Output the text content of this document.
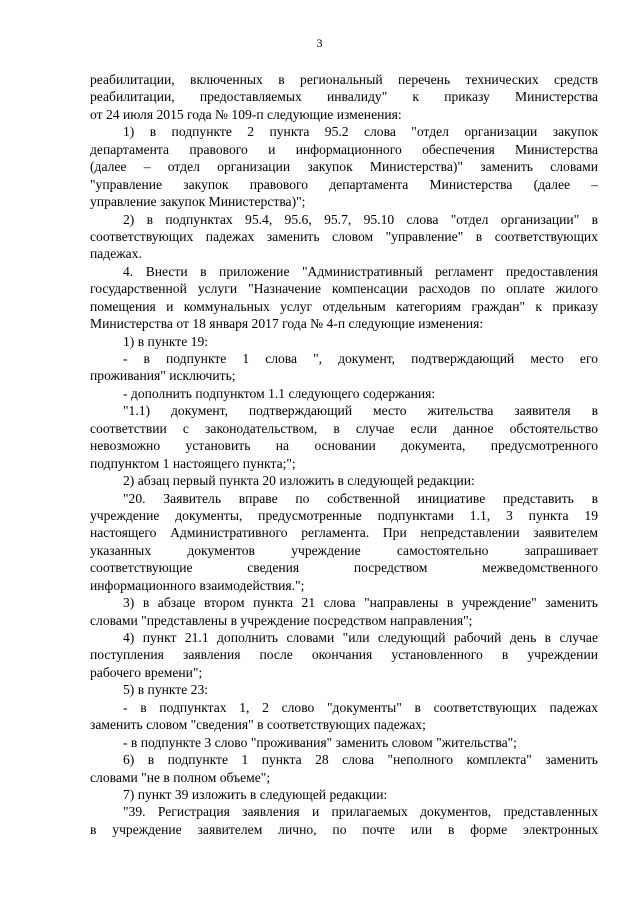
3
реабилитации, включенных в региональный перечень технических средств
реабилитации, предоставляемых инвалиду" к приказу Министерства
от 24 июля 2015 года № 109-п следующие изменения:
1) в подпункте 2 пункта 95.2 слова "отдел организации закупок
департамента правового и информационного обеспечения Министерства
(далее – отдел организации закупок Министерства)" заменить словами
"управление закупок правового департамента Министерства (далее –
управление закупок Министерства)";
2) в подпунктах 95.4, 95.6, 95.7, 95.10 слова "отдел организации" в
соответствующих падежах заменить словом "управление" в соответствующих
падежах.
4. Внести в приложение "Административный регламент предоставления
государственной услуги "Назначение компенсации расходов по оплате жилого
помещения и коммунальных услуг отдельным категориям граждан" к приказу
Министерства от 18 января 2017 года № 4-п следующие изменения:
1) в пункте 19:
- в подпункте 1 слова ", документ, подтверждающий место его
проживания" исключить;
- дополнить подпунктом 1.1 следующего содержания:
"1.1) документ, подтверждающий место жительства заявителя в
соответствии с законодательством, в случае если данное обстоятельство
невозможно установить на основании документа, предусмотренного
подпунктом 1 настоящего пункта;";
2) абзац первый пункта 20 изложить в следующей редакции:
"20. Заявитель вправе по собственной инициативе представить в
учреждение документы, предусмотренные подпунктами 1.1, 3 пункта 19
настоящего Административного регламента. При непредставлении заявителем
указанных документов учреждение самостоятельно запрашивает
соответствующие сведения посредством межведомственного
информационного взаимодействия.";
3) в абзаце втором пункта 21 слова "направлены в учреждение" заменить
словами "представлены в учреждение посредством направления";
4) пункт 21.1 дополнить словами "или следующий рабочий день в случае
поступления заявления после окончания установленного в учреждении
рабочего времени";
5) в пункте 23:
- в подпунктах 1, 2 слово "документы" в соответствующих падежах
заменить словом "сведения" в соответствующих падежах;
- в подпункте 3 слово "проживания" заменить словом "жительства";
6) в подпункте 1 пункта 28 слова "неполного комплекта" заменить
словами "не в полном объеме";
7) пункт 39 изложить в следующей редакции:
"39. Регистрация заявления и прилагаемых документов, представленных
в учреждение заявителем лично, по почте или в форме электронных
